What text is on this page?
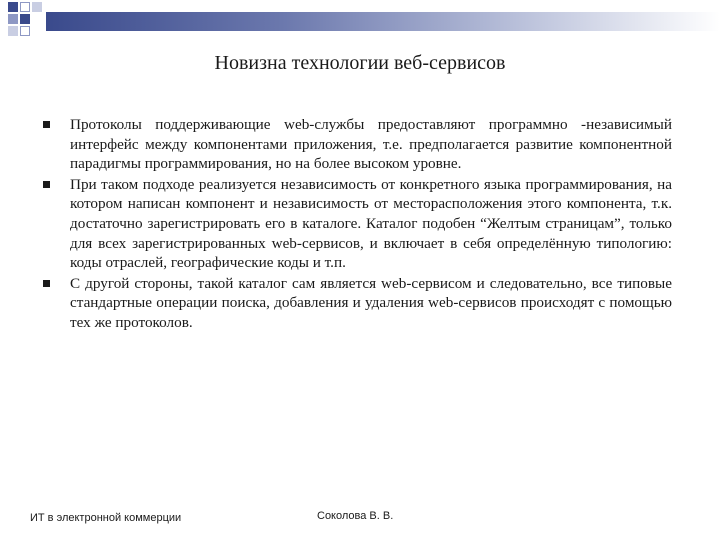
Новизна технологии веб-сервисов
Протоколы поддерживающие web-службы предоставляют программно -независимый интерфейс между компонентами приложения, т.е. предполагается развитие компонентной парадигмы программирования, но на более высоком уровне.
При таком подходе реализуется независимость от конкретного языка программирования, на котором написан компонент и независимость от месторасположения этого компонента, т.к. достаточно зарегистрировать его в каталоге. Каталог подобен “Желтым страницам”, только для всех зарегистрированных web-сервисов, и включает в себя определённую типологию: коды отраслей, географические коды и т.п.
С другой стороны, такой каталог сам является web-сервисом и следовательно, все типовые стандартные операции поиска, добавления и удаления web-сервисов происходят с помощью тех же протоколов.
ИТ в электронной коммерции	Соколова В. В.
